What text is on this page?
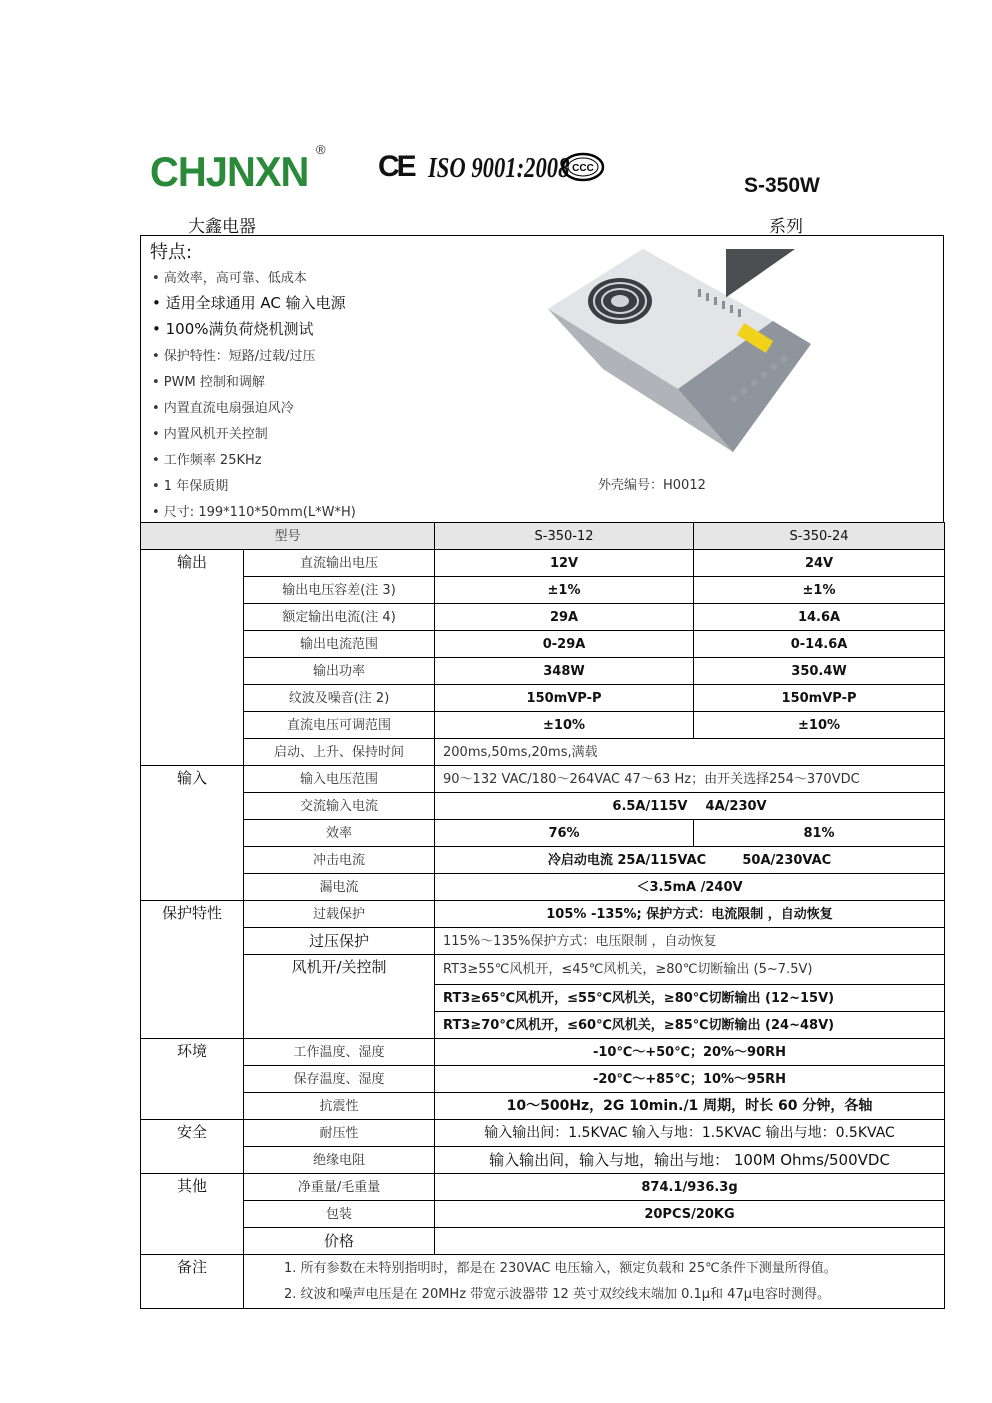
CHJNXN ®
CE ISO 9001:2008 CCC
S-350W
大鑫电器	系列
特点:
• 高效率，高可靠、低成本
• 适用全球通用 AC 输入电源
• 100%满负荷烧机测试
• 保护特性：短路/过载/过压
• PWM 控制和调解
• 内置直流电扇强迫风冷
• 内置风机开关控制
• 工作频率 25KHz
• 1 年保质期
• 尺寸: 199*110*50mm(L*W*H)
外壳编号：H0012
型号		S-350-12	S-350-24
输出	直流输出电压	12V	24V
	输出电压容差(注 3)	±1%	±1%
	额定输出电流(注 4)	29A	14.6A
	输出电流范围	0-29A	0-14.6A
	输出功率	348W	350.4W
	纹波及噪音(注 2)	150mVP-P	150mVP-P
	直流电压可调范围	±10%	±10%
	启动、上升、保持时间	200ms,50ms,20ms,满载	
输入	输入电压范围	90～132 VAC/180～264VAC 47～63 Hz；由开关选择254～370VDC	
	交流输入电流	6.5A/115V    4A/230V	
	效率	76%	81%
	冲击电流	冷启动电流 25A/115VAC        50A/230VAC	
	漏电流	＜3.5mA /240V	
保护特性	过载保护	105% -135%; 保护方式：电流限制 ，自动恢复	
	过压保护	115%～135%保护方式：电压限制 ，自动恢复	
	风机开/关控制	RT3≥55℃风机开，≤45℃风机关，≥80℃切断输出 (5~7.5V)	
		RT3≥65℃风机开，≤55℃风机关，≥80℃切断输出 (12~15V)	
		RT3≥70℃风机开，≤60℃风机关，≥85℃切断输出 (24~48V)	
环境	工作温度、湿度	-10℃～+50℃；20%～90RH	
	保存温度、湿度	-20℃～+85℃；10%～95RH	
	抗震性	10～500Hz，2G 10min./1 周期，时长 60 分钟，各轴	
安全	耐压性	输入输出间：1.5KVAC 输入与地：1.5KVAC 输出与地：0.5KVAC	
	绝缘电阻	输入输出间，输入与地，输出与地： 100M Ohms/500VDC	
其他	净重量/毛重量	874.1/936.3g	
	包装	20PCS/20KG	
	价格		
备注	1. 所有参数在未特别指明时，都是在 230VAC 电压输入，额定负载和 25℃条件下测量所得值。		
	2. 纹波和噪声电压是在 20MHz 带宽示波器带 12 英寸双绞线末端加 0.1μ和 47μ电容时测得。		
